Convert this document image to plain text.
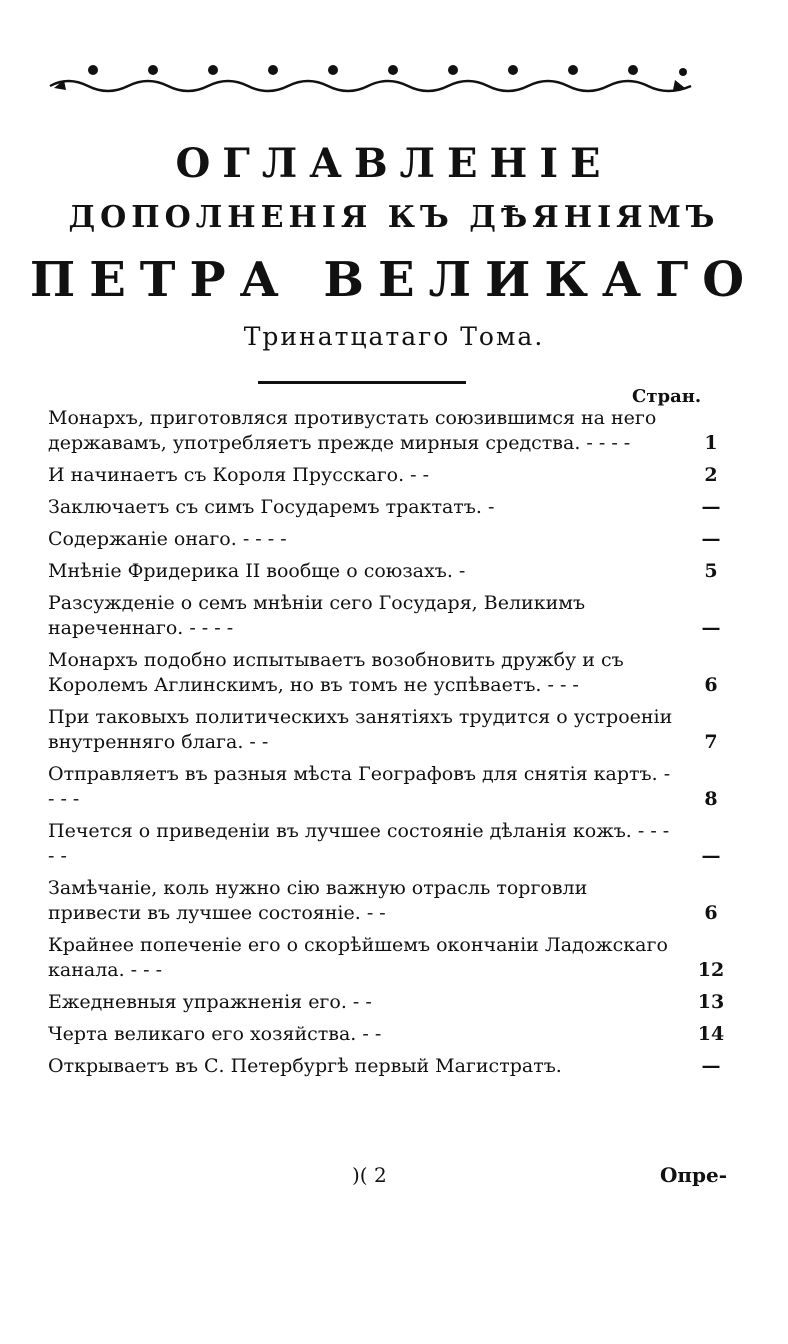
ОГЛАВЛЕНIЕ
ДОПОЛНЕНIЯ КЪ ДѢЯНIЯМЪ
ПЕТРА ВЕЛИКАГО
Тринатцатаго Тома.
Стран.
Монархъ, приготовляся противустать союзившимся на него державамъ, употребляетъ прежде мирныя средства. - - - -	1
И начинаетъ съ Короля Прусскаго. - -	2
Заключаетъ съ симъ Государемъ трактатъ. -	—
Содержанiе онаго. - - - -	—
Мнѣнiе Фридерика II вообще о союзахъ. -	5
Разсужденiе о семъ мнѣнiи сего Государя, Великимъ нареченнаго. - - - -	—
Монархъ подобно испытываетъ возобновить дружбу и съ Королемъ Аглинскимъ, но въ томъ не успѣваетъ. - - -	6
При таковыхъ политическихъ занятiяхъ трудится о устроенiи внутренняго блага. - -	7
Отправляетъ въ разныя мѣста Географовъ для снятiя картъ. - - - -	8
Печется о приведенiи въ лучшее состоянiе дѣланiя кожъ. - - - - -	—
Замѣчанiе, коль нужно сiю важную отрасль торговли привести въ лучшее состоянiе. - -	6
Крайнее попеченiе его о скорѣйшемъ окончанiи Ладожскаго канала. - - -	12
Ежедневныя упражненiя его. - -	13
Черта великаго его хозяйства. - -	14
Открываетъ въ С. Петербургѣ первый Магистратъ.	—
)( 2	Опре-
